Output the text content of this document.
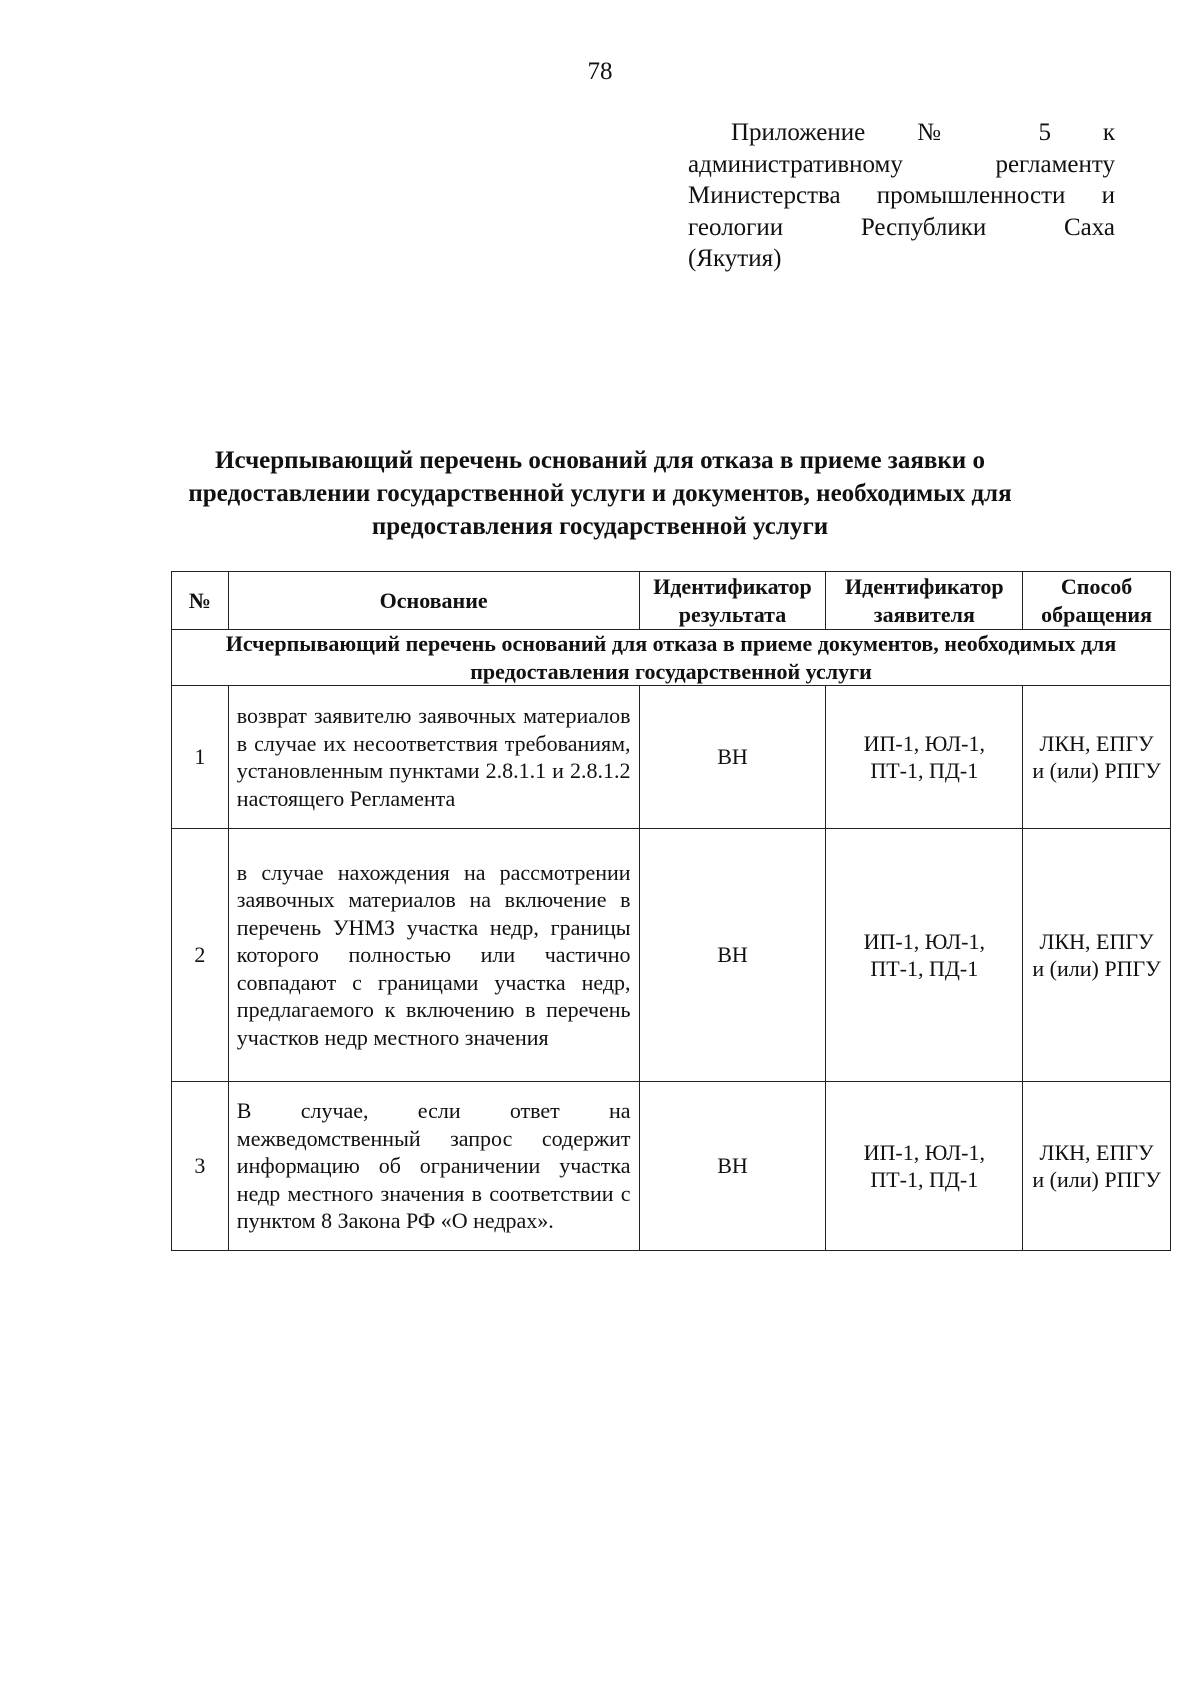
78
Приложение № 5 к
административному регламенту
Министерства промышленности и
геологии Республики Саха
(Якутия)
Исчерпывающий перечень оснований для отказа в приеме заявки о
предоставлении государственной услуги и документов, необходимых для
предоставления государственной услуги
№	Основание	Идентификатор результата	Идентификатор заявителя	Способ обращения
Исчерпывающий перечень оснований для отказа в приеме документов, необходимых для предоставления государственной услуги				
1	возврат заявителю заявочных материалов в случае их несоответствия требованиям, установленным пунктами 2.8.1.1 и 2.8.1.2 настоящего Регламента	ВН	ИП-1, ЮЛ-1, ПТ-1, ПД-1	ЛКН, ЕПГУ и (или) РПГУ
2	в случае нахождения на рассмотрении заявочных материалов на включение в перечень УНМЗ участка недр, границы которого полностью или частично совпадают с границами участка недр, предлагаемого к включению в перечень участков недр местного значения	ВН	ИП-1, ЮЛ-1, ПТ-1, ПД-1	ЛКН, ЕПГУ и (или) РПГУ
3	В случае, если ответ на межведомственный запрос содержит информацию об ограничении участка недр местного значения в соответствии с пунктом 8 Закона РФ «О недрах».	ВН	ИП-1, ЮЛ-1, ПТ-1, ПД-1	ЛКН, ЕПГУ и (или) РПГУ
